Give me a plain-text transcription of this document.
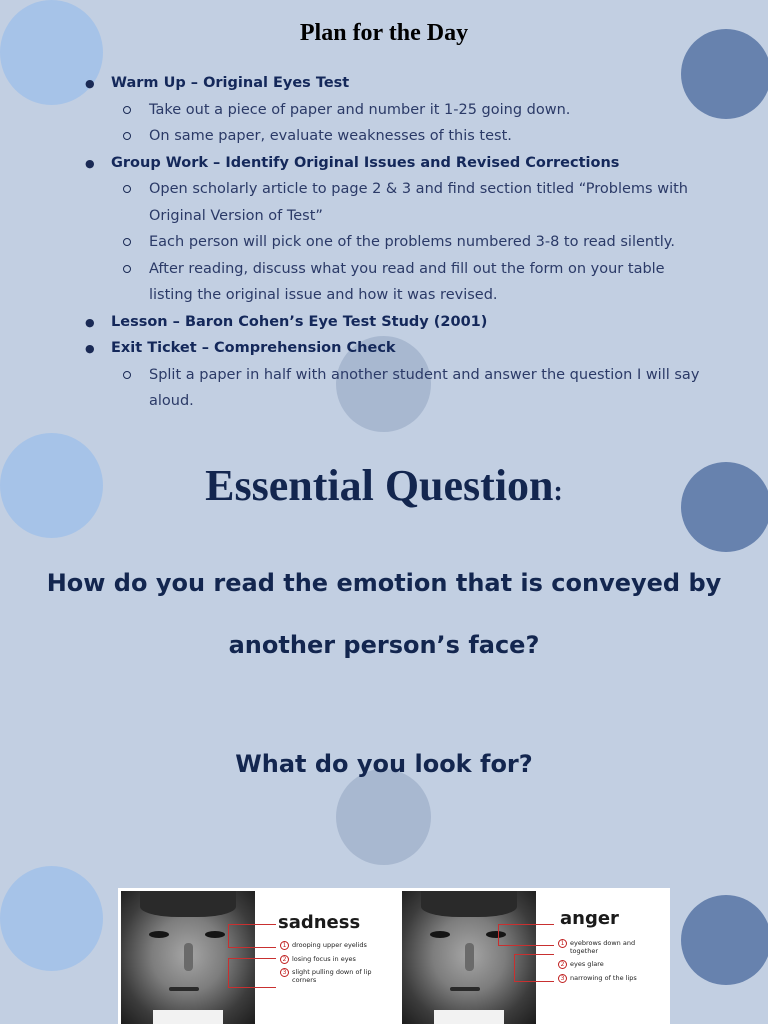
Plan for the Day
● Warm Up – Original Eyes Test
Take out a piece of paper and number it 1-25 going down.
On same paper, evaluate weaknesses of this test.
● Group Work – Identify Original Issues and Revised Corrections
Open scholarly article to page 2 & 3 and find section titled “Problems with Original Version of Test”
Each person will pick one of the problems numbered 3-8 to read silently.
After reading, discuss what you read and fill out the form on your table listing the original issue and how it was revised.
● Lesson – Baron Cohen’s Eye Test Study (2001)
● Exit Ticket – Comprehension Check
Split a paper in half with another student and answer the question I will say aloud.
Essential Question:

How do you read the emotion that is conveyed by another person’s face?

What do you look for?

sadness
1 drooping upper eyelids
2 losing focus in eyes
3 slight pulling down of lip corners
anger
1 eyebrows down and together
2 eyes glare
3 narrowing of the lips
